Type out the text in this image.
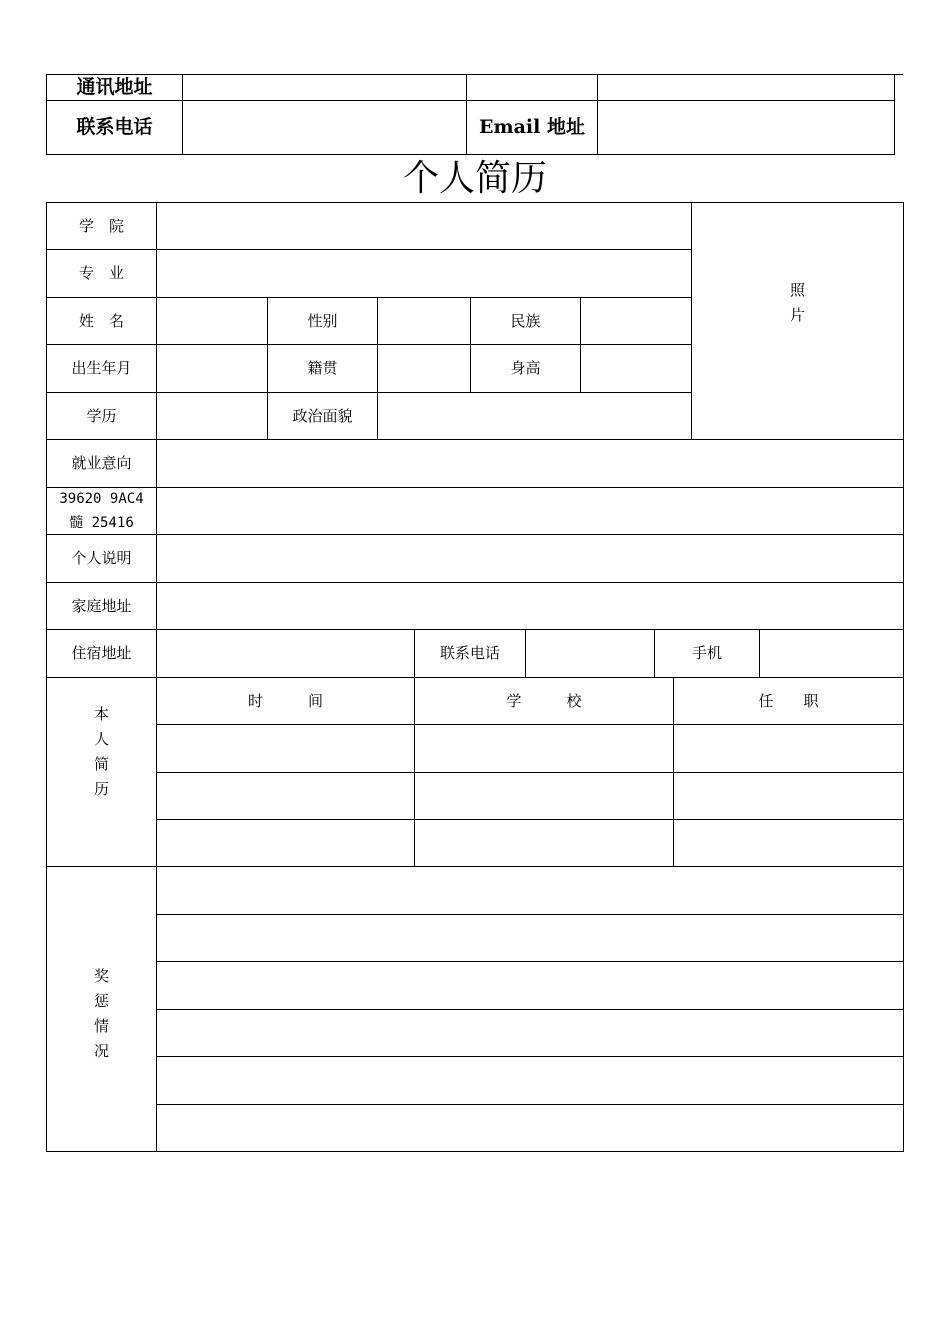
通讯地址
联系电话	Email 地址
个人简历
学　院
照
片
专　业
姓　名	性别	民族
出生年月	籍贯	身高
学历	政治面貌
就业意向
39620 9AC4
髓 25416
个人说明
家庭地址
住宿地址	联系电话	手机
本
人
简
历
时　　　间	学　　　校	任　　职
奖
惩
情
况
